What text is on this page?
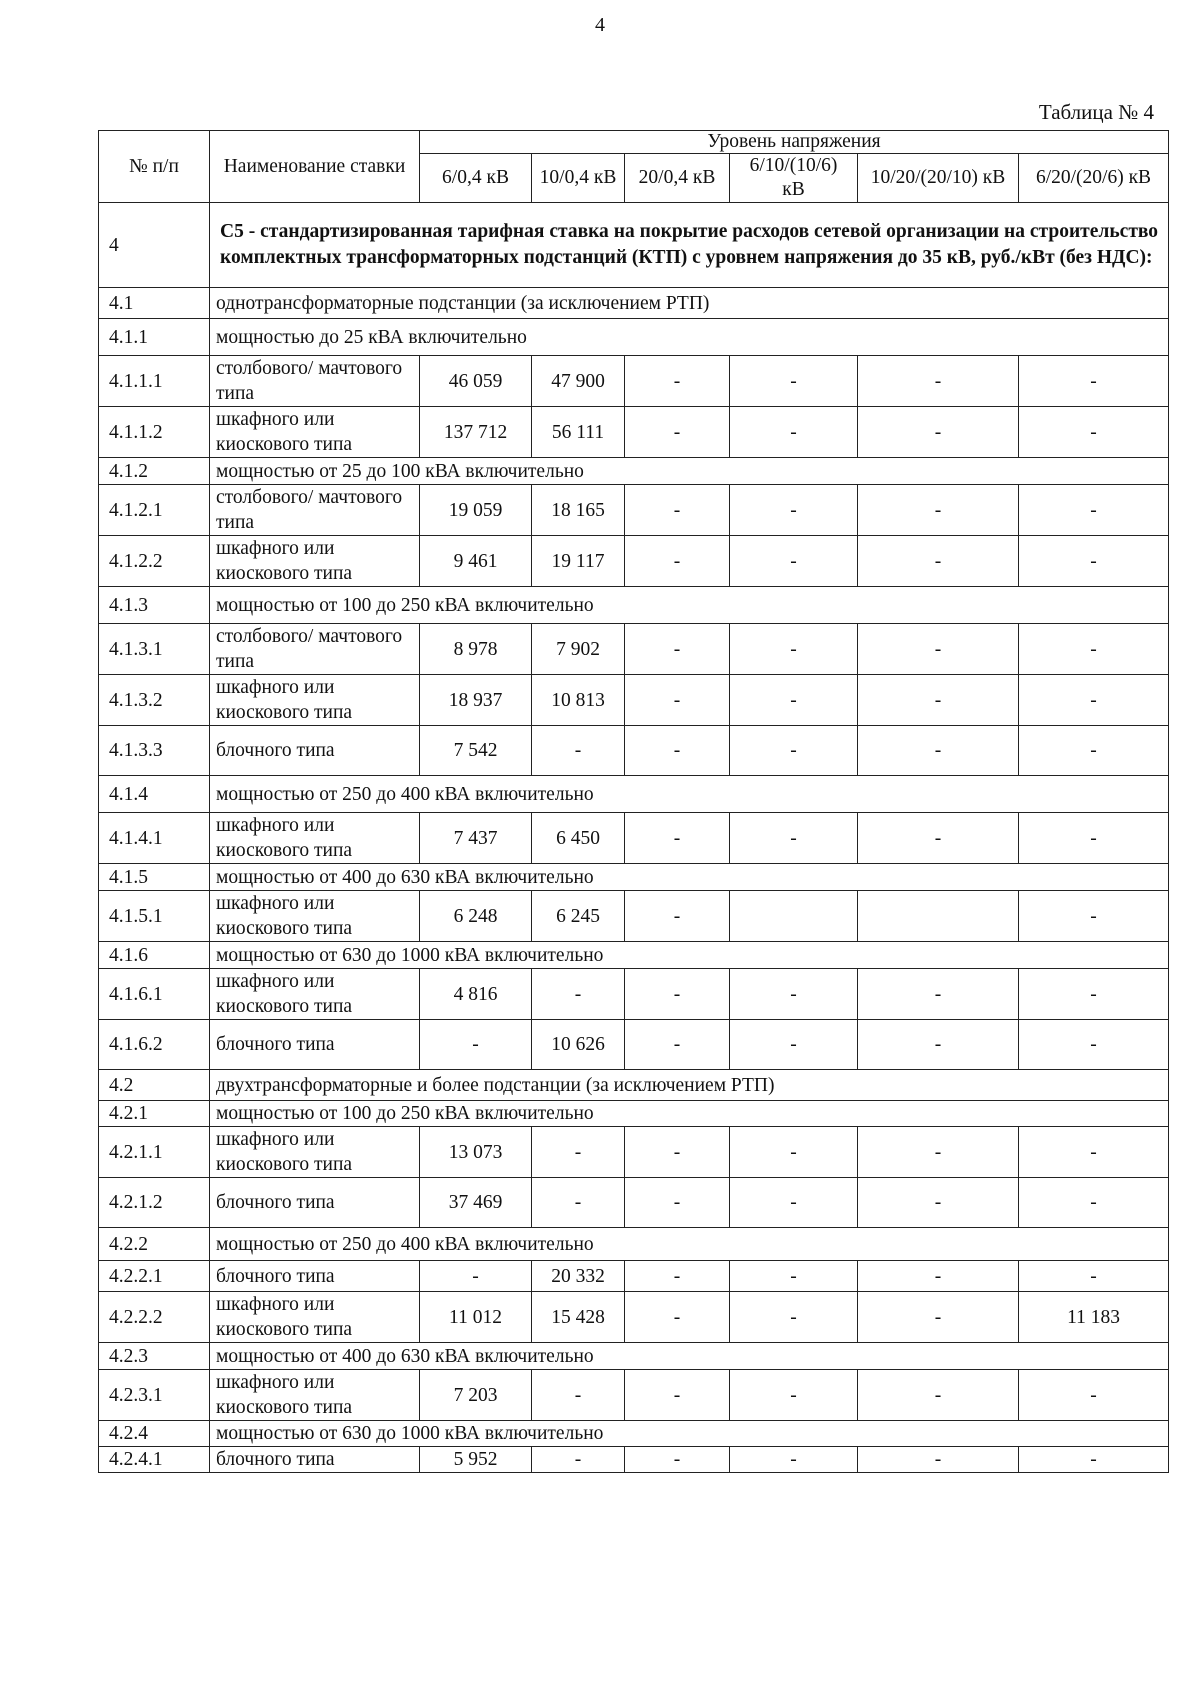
4
Таблица № 4
№ п/п	Наименование ставки	Уровень напряжения					
		6/0,4 кВ	10/0,4 кВ	20/0,4 кВ	6/10/(10/6) кВ	10/20/(20/10) кВ	6/20/(20/6) кВ
4	С5 - стандартизированная тарифная ставка на покрытие расходов сетевой организации на строительство комплектных трансформаторных подстанций (КТП) с уровнем напряжения до 35 кВ, руб./кВт (без НДС):						
4.1	однотрансформаторные подстанции (за исключением РТП)						
4.1.1	мощностью до 25 кВА включительно						
4.1.1.1	столбового/ мачтового типа	46 059	47 900	-	-	-	-
4.1.1.2	шкафного или киоскового типа	137 712	56 111	-	-	-	-
4.1.2	мощностью от 25 до 100 кВА включительно						
4.1.2.1	столбового/ мачтового типа	19 059	18 165	-	-	-	-
4.1.2.2	шкафного или киоскового типа	9 461	19 117	-	-	-	-
4.1.3	мощностью от 100 до 250 кВА включительно						
4.1.3.1	столбового/ мачтового типа	8 978	7 902	-	-	-	-
4.1.3.2	шкафного или киоскового типа	18 937	10 813	-	-	-	-
4.1.3.3	блочного типа	7 542	-	-	-	-	-
4.1.4	мощностью от 250 до 400 кВА включительно						
4.1.4.1	шкафного или киоскового типа	7 437	6 450	-	-	-	-
4.1.5	мощностью от 400 до 630 кВА включительно						
4.1.5.1	шкафного или киоскового типа	6 248	6 245	-			-
4.1.6	мощностью от 630 до 1000 кВА включительно						
4.1.6.1	шкафного или киоскового типа	4 816	-	-	-	-	-
4.1.6.2	блочного типа	-	10 626	-	-	-	-
4.2	двухтрансформаторные и более подстанции (за исключением РТП)						
4.2.1	мощностью от 100 до 250 кВА включительно						
4.2.1.1	шкафного или киоскового типа	13 073	-	-	-	-	-
4.2.1.2	блочного типа	37 469	-	-	-	-	-
4.2.2	мощностью от 250 до 400 кВА включительно						
4.2.2.1	блочного типа	-	20 332	-	-	-	-
4.2.2.2	шкафного или киоскового типа	11 012	15 428	-	-	-	11 183
4.2.3	мощностью от 400 до 630 кВА включительно						
4.2.3.1	шкафного или киоскового типа	7 203	-	-	-	-	-
4.2.4	мощностью от 630 до 1000 кВА включительно						
4.2.4.1	блочного типа	5 952	-	-	-	-	-
